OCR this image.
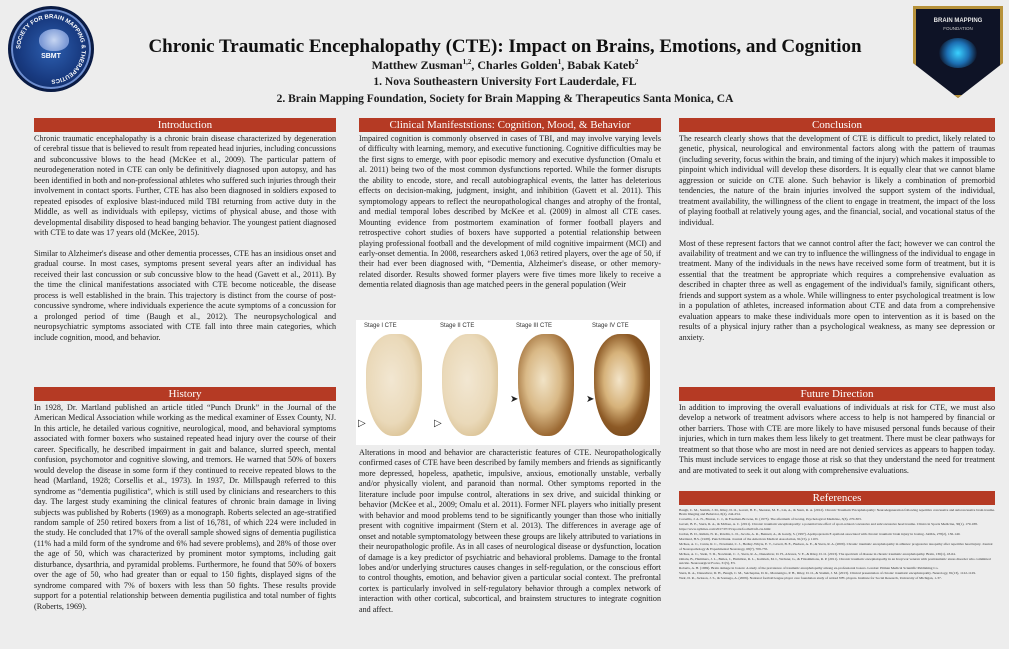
SOCIETY FOR BRAIN MAPPING & THERAPEUTICS
SBMT
BRAIN MAPPING
FOUNDATION
Chronic Traumatic Encephalopathy (CTE): Impact on Brains, Emotions, and Cognition
Matthew Zusman$^{1,2}$, Charles Golden$^1$, Babak Kateb$^2$
1. Nova Southeastern University Fort Lauderdale, FL
2. Brain Mapping Foundation, Society for Brain Mapping & Therapeutics Santa Monica, CA
Introduction

Chronic traumatic encephalopathy is a chronic brain disease characterized by degeneration of cerebral tissue that is believed to result from repeated head injuries, including concussions and subconcussive blows to the head (McKee et al., 2009). The particular pattern of neurodegeneration noted in CTE can only be definitively diagnosed upon autopsy, and has been identified in both and non-professional athletes who suffered such injuries through their involvement in contact sports. Further, CTE has also been diagnosed in soldiers exposed to repeated episodes of explosive blast-induced mild TBI returning from active duty in the Middle, as well as individuals with epilepsy, victims of physical abuse, and those with developmental disability disposed to head banging behavior. The youngest patient diagnosed with CTE to date was 17 years old (McKee, 2015).

Similar to Alzheimer's disease and other dementia processes, CTE has an insidious onset and gradual course. In most cases, symptoms present several years after an individual has received their last concussion or sub concussive blow to the head (Gavett et al., 2011). By the time the clinical manifestations associated with CTE become noticeable, the disease process is well established in the brain. This trajectory is distinct from the course of post-concussive syndrome, where individuals experience the acute symptoms of a concussion for a prolonged period of time (Baugh et al., 2012). The neuropsychological and neuropsychiatric symptoms associated with CTE fall into three main categories, which include cognition, mood, and behavior.

History

In 1928, Dr. Martland published an article titled “Punch Drunk” in the Journal of the American Medical Association while working as the medical examiner of Essex County, NJ. In this article, he detailed various cognitive, neurological, mood, and behavioral symptoms associated with former boxers who sustained repeated head injury over the course of their career. Specifically, he described impairment in gait and balance, slurred speech, mental confusion, psychomotor and cognitive slowing, and tremors. He warned that 50% of boxers would develop the disease in some form if they continued to receive repeated blows to the head (Martland, 1928; Corsellis et al., 1973). In 1937, Dr. Millspaugh referred to this syndrome as “dementia pugilistica”, which is still used by clinicians and researchers to this day. The largest study examining the clinical features of chronic brain damage in living subjects was published by Roberts (1969) as a monograph. Roberts selected an age-stratified random sample of 250 retired boxers from a list of 16,781, of which 224 were included in the study. He concluded that 17% of the overall sample showed signs of dementia pugilistica (11% had a mild form of the syndrome and 6% had severe problems), and 28% of those over the age of 50, which was characterized by prominent motor symptoms, including gait disturbance, dysarthria, and pyramidal problems. Furthermore, he found that 50% of boxers over the age of 50, who had greater than or equal to 150 fights, displayed signs of the syndrome compared with 7% of boxers with less than 50 fights. These results provide support for a potential relationship between dementia pugilistica and total number of fights (Roberts, 1969).

Clinical Manifeststions: Cognition, Mood, & Behavior

Impaired cognition is commonly observed in cases of TBI, and may involve varying levels of difficulty with learning, memory, and executive functioning. Cognitive difficulties may be the first signs to emerge, with poor episodic memory and executive dysfunction (Omalu et al. 2011) being two of the most common dysfunctions reported. While the former disrupts the ability to encode, store, and recall autobiographical events, the latter has deleterious effects on decision-making, judgment, insight, and inhibition (Gavett et al. 2011). This symptomology appears to reflect the neuropathological changes and atrophy of the frontal, and medial temporal lobes described by McKee et al. (2009) in almost all CTE cases. Mounting evidence from postmortem examination of former football players and retrospective cohort studies of boxers have supported a potential relationship between playing professional football and the development of mild cognitive impairment (MCI) and early-onset dementia. In 2008, researchers asked 1,063 retired players, over the age of 50, if their had ever been diagnosed with, “Dementia, Alzheimer's disease, or other memory-related disorder. Results showed former players were five times more likely to receive a dementia related diagnosis than age matched peers in the general population (Weir

Stage I CTE
▷
Stage II CTE
▷
Stage III CTE
➤
Stage IV CTE
➤

Alterations in mood and behavior are characteristic features of CTE. Neuropathologically confirmed cases of CTE have been described by family members and friends as significantly more depressed, hopeless, apathetic, impulsive, anxious, emotionally unstable, verbally and/or physically violent, and paranoid than normal. Other symptoms reported in the literature include poor impulse control, alterations in sex drive, and suicidal thinking or behavior (McKee et al., 2009; Omalu et al. 2011). Former NFL players who initially present with behavior and mood problems tend to be significantly younger than those who initially present with cognitive impairment (Stern et al. 2013). The differences in average age of onset and notable symptomatology between these groups are likely attributed to variations in their neuropathologic profile. As in all cases of neurological disease or dysfunction, location of damage is a key predictor of psychiatric and behavioral problems. Damage to the frontal lobes and/or underlying structures causes changes in self-regulation, or the conscious effort to control thoughts, emotion, and behavior given a particular social context. The prefrontal cortex is particularly involved in self-regulatory behavior through a complex network of interaction with other cortical, subcortical, and brainstem structures to integrate cognition and affect.

Conclusion

The research clearly shows that the development of CTE is difficult to predict, likely related to genetic, physical, neurological and environmental factors along with the pattern of traumas (including severity, focus within the brain, and timing of the injury) which makes it impossible to pinpoint which individual will develop these disorders. It is equally clear that we cannot blame aggression or suicide on CTE alone. Such behavior is likely a combination of premorbid tendencies, the nature of the brain injuries involved the support system of the individual, treatment availability, the willingness of the client to engage in treatment, the impact of the loss of playing football at relatively young ages, and the financial, social, and vocational status of the individual.

Most of these represent factors that we cannot control after the fact; however we can control the availability of treatment and we can try to influence the willingness of the individual to engage in treatment. Many of the individuals in the news have received some form of treatment, but it is essential that the treatment be appropriate which requires a comprehensive evaluation as described in chapter three as well as engagement of the individual's family, significant others, friends and support system as a whole. While willingness to enter psychological treatment is low in a population of athletes, increased information about CTE and data from a comprehensive evaluation appears to make these individuals more open to intervention as it is based on the results of a physical injury rather than a psychological weakness, as many see depression or anxiety.

Future Direction

In addition to improving the overall evaluations of individuals at risk for CTE, we must also develop a network of treatment advisors where access to help is not hampered by financial or other barriers. Those with CTE are more likely to have misused personal funds because of their injuries, which in turn makes them less likely to get treatment. There must be clear pathways for treatment so that those who are most in need are not denied services as appears to happen today. This must include services to engage those at risk so that they understand the need for treatment and are motivated to seek it out along with comprehensive evaluations.

References
Baugh, C. M., Stamm, J. M., Riley, D. O., Gavett, B. E., Shenton, M. E., Lin, A., & Stern, R. A. (2012). Chronic Traumatic Encephalopathy: Neurodegeneration following repetitive concussive and subconcussive brain trauma. Brain Imaging and Behavior, 6(2), 244-254.
Corsellis, J. A. N., Bruton, C. J., & Freeman-Browne, D. (1973). The aftermath of boxing. Psychological Medicine, 3(3), 270-303.
Gavett, B. E., Stern, R. A., & McKee, A. C. (2011). Chronic traumatic encephalopathy: a potential late effect of sport-related concussive and subconcussive head trauma. Clinics in Sports Medicine, 30(1), 179-188.
https://www.nytimes.com/2017/07/25/sports/football/nfl-cte.html
Jordan, B. D., Relkin, N. R., Ravdin, L. D., Jacobs, A. R., Bennett, A., & Gandy, S. (1997). Apolipoprotein E epsilon4 associated with chronic traumatic brain injury in boxing. JAMA, 278(2), 136-140.
Martland, H.S. (1928). Punch Drunk. Journal of the American Medical Association, 91(15), p 1103.
McKee, A. C., Cantu, R. C., Nowinski, C. J., Hedley-Whyte, E. T., Gavett, B. E., Budson, A. E., & Stern, R. A. (2009). Chronic traumatic encephalopathy in athletes: progressive tauopathy after repetitive head injury. Journal of Neuropathology & Experimental Neurology, 68(7), 709-735.
McKee, A. C., Stein, T. D., Nowinski, C. J., Stern, R. A., Daneshvar, D. H., Alvarez, V. E., & Riley, D. O. (2013). The spectrum of disease in chronic traumatic encephalopathy. Brain, 136(1), 43-64.
Omalu, B., Hammers, J. L., Bailes, J., Hamilton, R. L., Kamboh, M. I., Webster, G., & Fitzsimmons, R. P. (2011). Chronic traumatic encephalopathy in an Iraqi war veteran with posttraumatic stress disorder who committed suicide. Neurosurgical Focus, 31(5), E3.
Roberts, A. H. (1969). Brain damage in boxers: A study of the prevalence of traumatic encephalopathy among ex-professional boxers. London: Pitman Medical Scientific Publishing Co.
Stern, R. A., Daneshvar, D. H., Baugh, C. M., Seichepine, D. R., Montenigro, P. H., Riley, D. O., & Stamm, J. M. (2013). Clinical presentation of chronic traumatic encephalopathy. Neurology, 81(13), 1122-1129.
Weir, D. R., Jackson, J. S., & Sonnega, A. (2009). National football league player care foundation study of retired NFL players. Institute for Social Research, University of Michigan, 1-37.
